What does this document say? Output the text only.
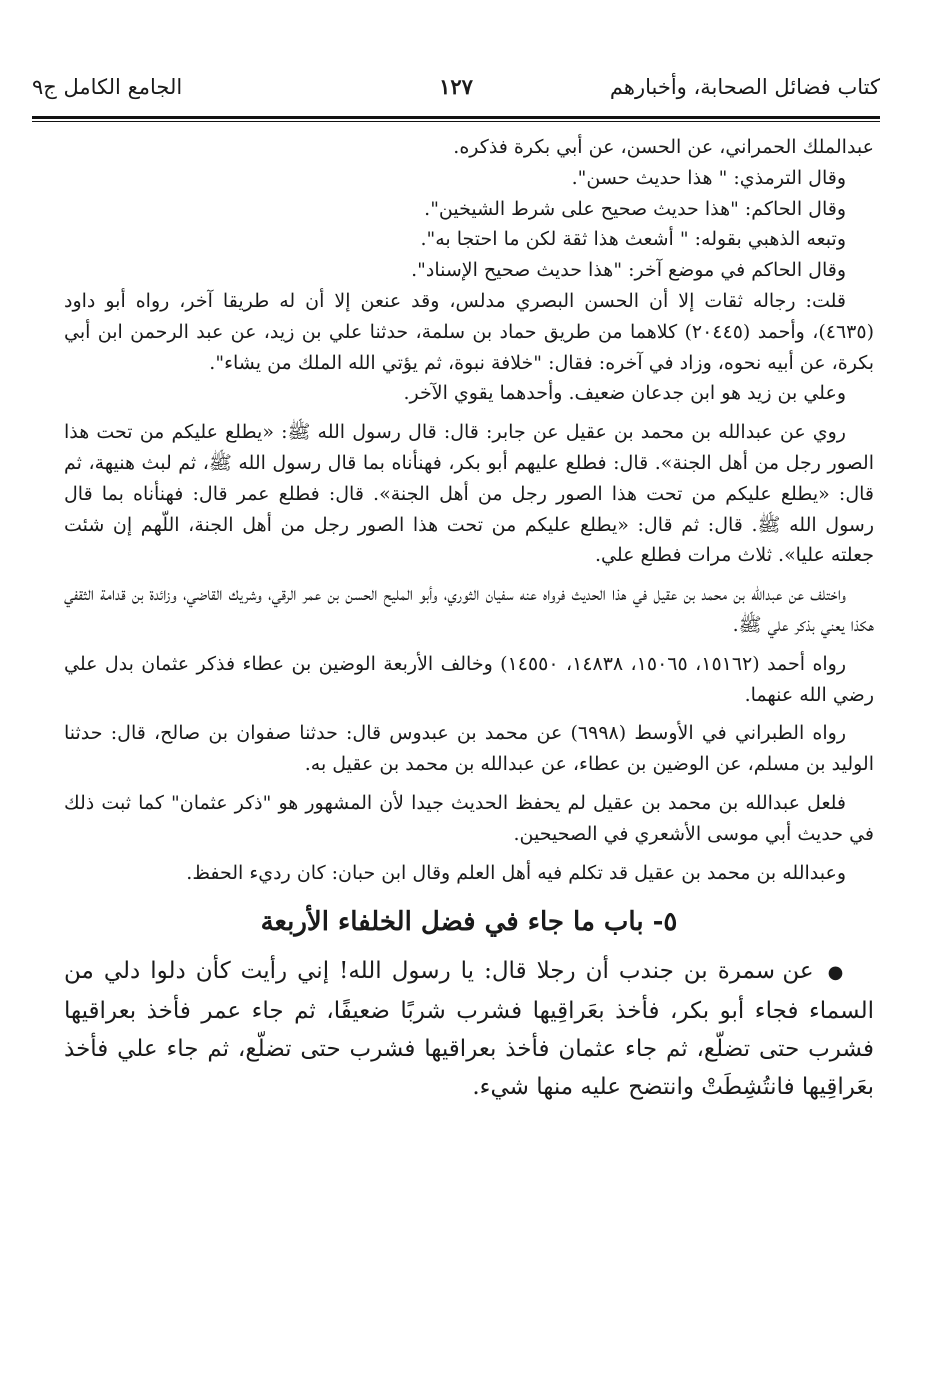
كتاب فضائل الصحابة، وأخبارهم
١٢٧
الجامع الكامل ج٩

عبدالملك الحمراني، عن الحسن، عن أبي بكرة فذكره.

وقال الترمذي: " هذا حديث حسن".

وقال الحاكم: "هذا حديث صحيح على شرط الشيخين".

وتبعه الذهبي بقوله: " أشعث هذا ثقة لكن ما احتجا به".

وقال الحاكم في موضع آخر: "هذا حديث صحيح الإسناد".

قلت: رجاله ثقات إلا أن الحسن البصري مدلس، وقد عنعن إلا أن له طريقا آخر، رواه أبو داود (٤٦٣٥)، وأحمد (٢٠٤٤٥) كلاهما من طريق حماد بن سلمة، حدثنا علي بن زيد، عن عبد الرحمن ابن أبي بكرة، عن أبيه نحوه، وزاد في آخره: فقال: "خلافة نبوة، ثم يؤتي الله الملك من يشاء".

وعلي بن زيد هو ابن جدعان ضعيف. وأحدهما يقوي الآخر.

روي عن عبدالله بن محمد بن عقيل عن جابر: قال: قال رسول الله ﷺ: «يطلع عليكم من تحت هذا الصور رجل من أهل الجنة». قال: فطلع عليهم أبو بكر، فهنأناه بما قال رسول الله ﷺ، ثم لبث هنيهة، ثم قال: «يطلع عليكم من تحت هذا الصور رجل من أهل الجنة». قال: فطلع عمر قال: فهنأناه بما قال رسول الله ﷺ. قال: ثم قال: «يطلع عليكم من تحت هذا الصور رجل من أهل الجنة، اللّهم إن شئت جعلته عليا». ثلاث مرات فطلع علي.

واختلف عن عبدالله بن محمد بن عقيل في هذا الحديث فرواه عنه سفيان الثوري، وأبو المليح الحسن بن عمر الرقي، وشريك القاضي، وزائدة بن قدامة الثقفي هكذا يعني بذكر علي ﷺ.

رواه أحمد (١٥١٦٢، ١٥٠٦٥، ١٤٨٣٨، ١٤٥٥٠) وخالف الأربعة الوضين بن عطاء فذكر عثمان بدل علي رضي الله عنهما.

رواه الطبراني في الأوسط (٦٩٩٨) عن محمد بن عبدوس قال: حدثنا صفوان بن صالح، قال: حدثنا الوليد بن مسلم، عن الوضين بن عطاء، عن عبدالله بن محمد بن عقيل به.

فلعل عبدالله بن محمد بن عقيل لم يحفظ الحديث جيدا لأن المشهور هو "ذكر عثمان" كما ثبت ذلك في حديث أبي موسى الأشعري في الصحيحين.

وعبدالله بن محمد بن عقيل قد تكلم فيه أهل العلم وقال ابن حبان: كان رديء الحفظ.

٥- باب ما جاء في فضل الخلفاء الأربعة

● عن سمرة بن جندب أن رجلا قال: يا رسول الله! إني رأيت كأن دلوا دلي من السماء فجاء أبو بكر، فأخذ بعَراقِيها فشرب شربًا ضعيفًا، ثم جاء عمر فأخذ بعراقيها فشرب حتى تضلّع، ثم جاء عثمان فأخذ بعراقيها فشرب حتى تضلّع، ثم جاء علي فأخذ بعَراقِيها فانتُشِطَتْ وانتضح عليه منها شيء.
